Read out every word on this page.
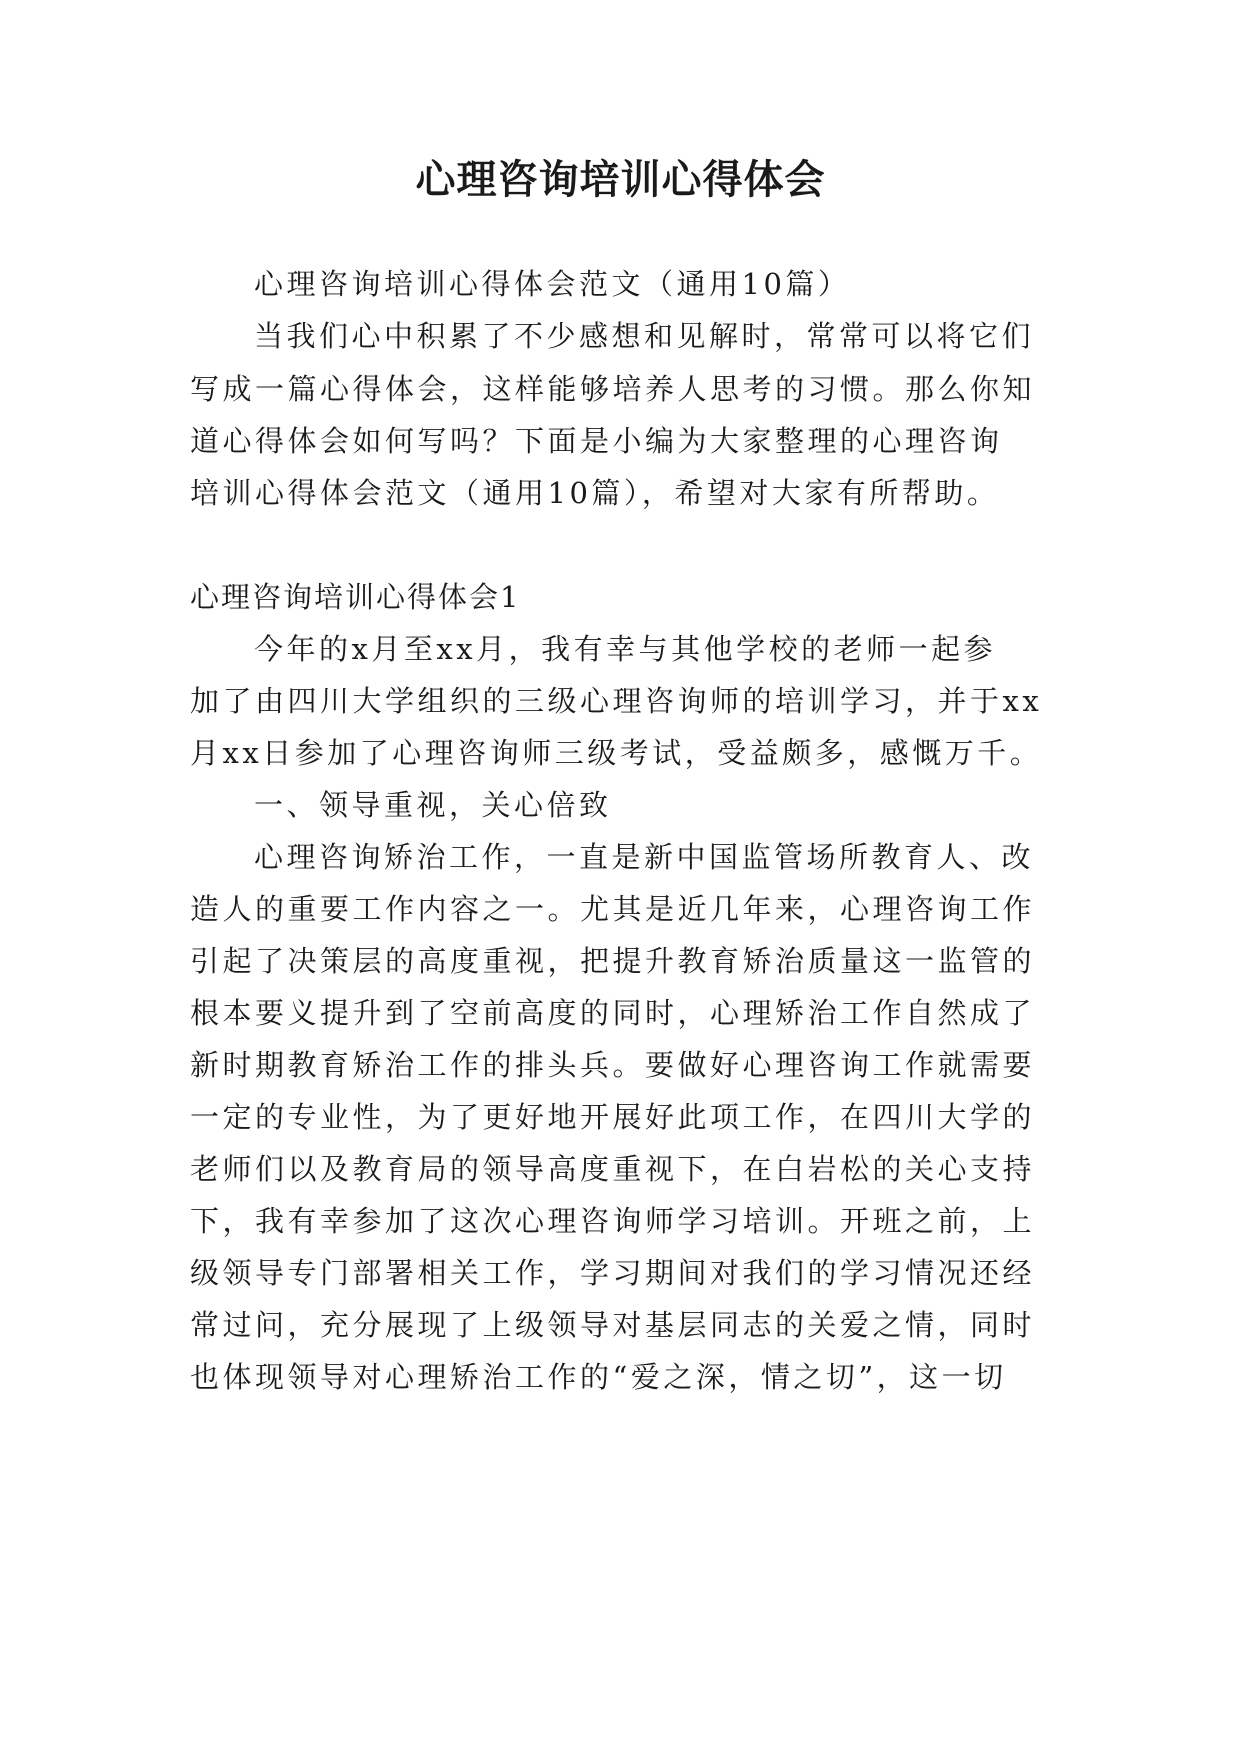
心理咨询培训心得体会
心理咨询培训心得体会范文（通用10篇）
当我们心中积累了不少感想和见解时，常常可以将它们
写成一篇心得体会，这样能够培养人思考的习惯。那么你知
道心得体会如何写吗？下面是小编为大家整理的心理咨询
培训心得体会范文（通用10篇），希望对大家有所帮助。
心理咨询培训心得体会1
今年的x月至xx月，我有幸与其他学校的老师一起参
加了由四川大学组织的三级心理咨询师的培训学习，并于xx
月xx日参加了心理咨询师三级考试，受益颇多，感慨万千。
一、领导重视，关心倍致
心理咨询矫治工作，一直是新中国监管场所教育人、改
造人的重要工作内容之一。尤其是近几年来，心理咨询工作
引起了决策层的高度重视，把提升教育矫治质量这一监管的
根本要义提升到了空前高度的同时，心理矫治工作自然成了
新时期教育矫治工作的排头兵。要做好心理咨询工作就需要
一定的专业性，为了更好地开展好此项工作，在四川大学的
老师们以及教育局的领导高度重视下，在白岩松的关心支持
下，我有幸参加了这次心理咨询师学习培训。开班之前，上
级领导专门部署相关工作，学习期间对我们的学习情况还经
常过问，充分展现了上级领导对基层同志的关爱之情，同时
也体现领导对心理矫治工作的“爱之深，情之切”，这一切
